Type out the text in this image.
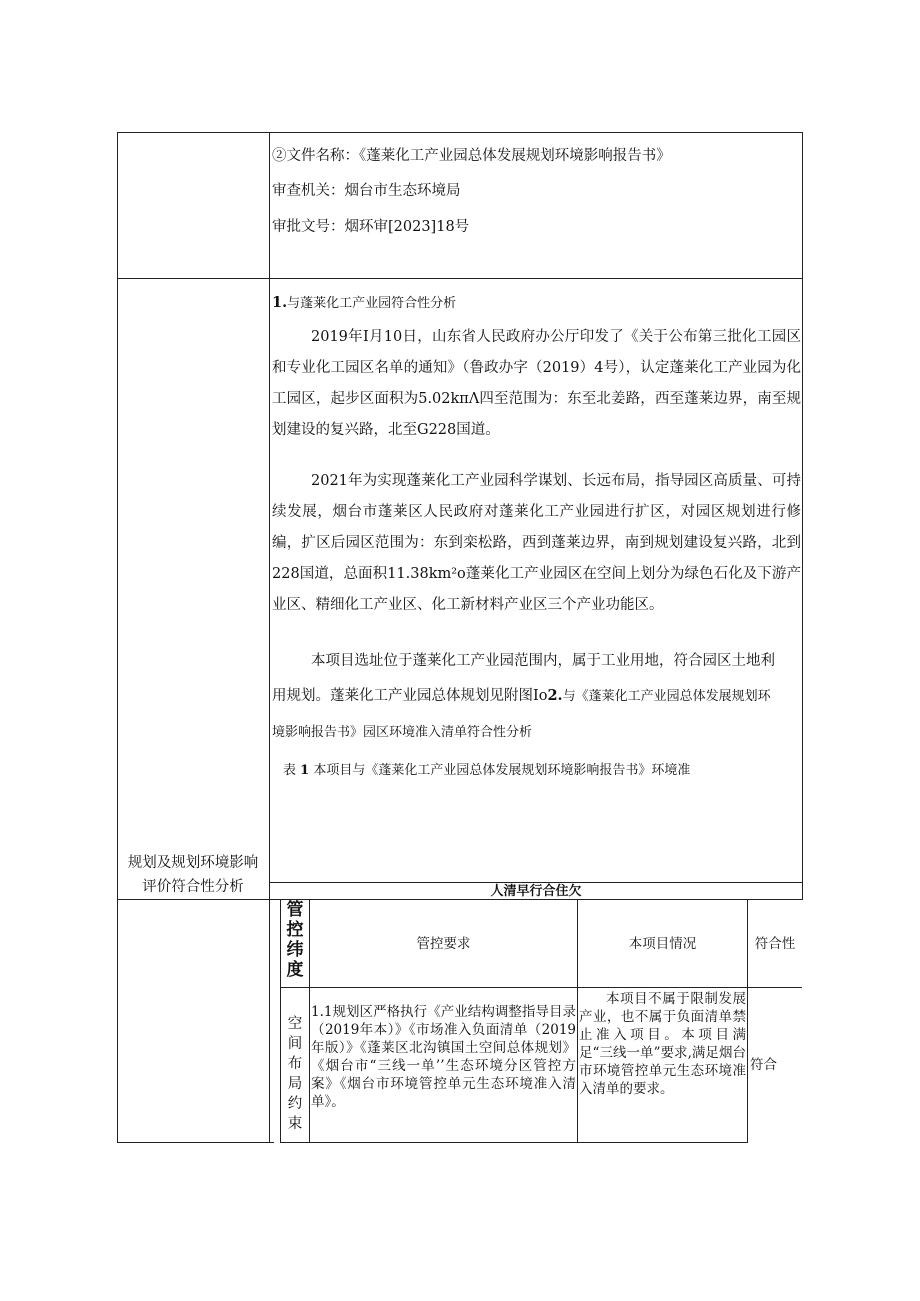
②文件名称：《蓬莱化工产业园总体发展规划环境影响报告书》
审查机关：烟台市生态环境局
审批文号：烟环审[2023]18号
规划及规划环境影响
评价符合性分析
1.与蓬莱化工产业园符合性分析
2019年I月10日，山东省人民政府办公厅印发了《关于公布第三批化工园区和专业化工园区名单的通知》（鲁政办字（2019）4号），认定蓬莱化工产业园为化工园区，起步区面积为5.02kπΛ四至范围为：东至北姜路，西至蓬莱边界，南至规划建设的复兴路，北至G228国道。
2021年为实现蓬莱化工产业园科学谋划、长远布局，指导园区高质量、可持续发展，烟台市蓬莱区人民政府对蓬莱化工产业园进行扩区，对园区规划进行修编，扩区后园区范围为：东到栾松路，西到蓬莱边界，南到规划建设复兴路，北到228国道，总面积11.38km²o蓬莱化工产业园区在空间上划分为绿色石化及下游产业区、精细化工产业区、化工新材料产业区三个产业功能区。
本项目选址位于蓬莱化工产业园范围内，属于工业用地，符合园区土地利
用规划。蓬莱化工产业园总体规划见附图Io2.与《蓬莱化工产业园总体发展规划环
境影响报告书》园区环境准入清单符合性分析
表 1 本项目与《蓬莱化工产业园总体发展规划环境影响报告书》环境准
人清早行合住欠
管控纬度
管控要求	本项目情况	符合性
空间布局约束
1.1规划区严格执行《产业结构调整指导目录（2019年本）》《市场准入负面清单（2019年版）》《蓬莱区北沟镇国土空间总体规划》《烟台市“三线一单’’生态环境分区管控方案》《烟台市环境管控单元生态环境准入清单》。
本项目不属于限制发展产业，也不属于负面清单禁止准入项目。本项目满足“三线一单”要求,满足烟台市环境管控单元生态环境准入清单的要求。
符合
